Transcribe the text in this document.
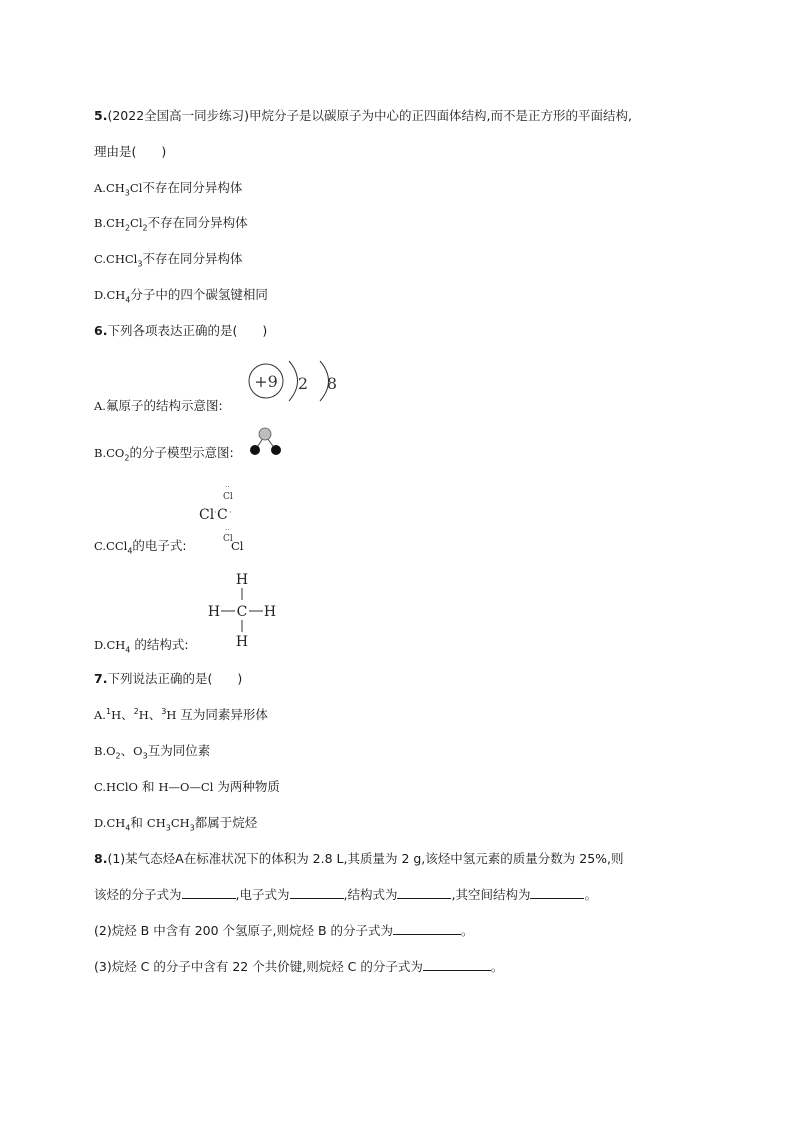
5.(2022全国高一同步练习)甲烷分子是以碳原子为中心的正四面体结构,而不是正方形的平面结构,
理由是(　　)
$A.CH_3Cl$不存在同分异构体
$B.CH_2Cl_2$不存在同分异构体
C.CHCl$_3$不存在同分异构体
$D.CH_4$分子中的四个碳氢键相同
6.下列各项表达正确的是(　　)
+9 2 8
A.氟原子的结构示意图:
$B.CO_2$的分子模型示意图:
Cl
··
Cl · C ·
··
Cl
C.CCl$_4$的电子式:	Cl
H
H C H
H
$D.CH_4$ 的结构式:
7.下列说法正确的是(　　)
A.$^1$H、$^2$H、$^3$H 互为同素异形体
$B.O_2$、$O_3$互为同位素
C.HClO 和 H—O—Cl 为两种物质
$D.CH_4$和 $CH_3CH_3$都属于烷烃
8.(1)某气态烃A在标准状况下的体积为 2.8 L,其质量为 2 g,该烃中氢元素的质量分数为 25%,则
该烃的分子式为	,电子式为	,结构式为	,其空间结构为	。
(2)烷烃 B 中含有 200 个氢原子,则烷烃 B 的分子式为	。
(3)烷烃 C 的分子中含有 22 个共价键,则烷烃 C 的分子式为	。
